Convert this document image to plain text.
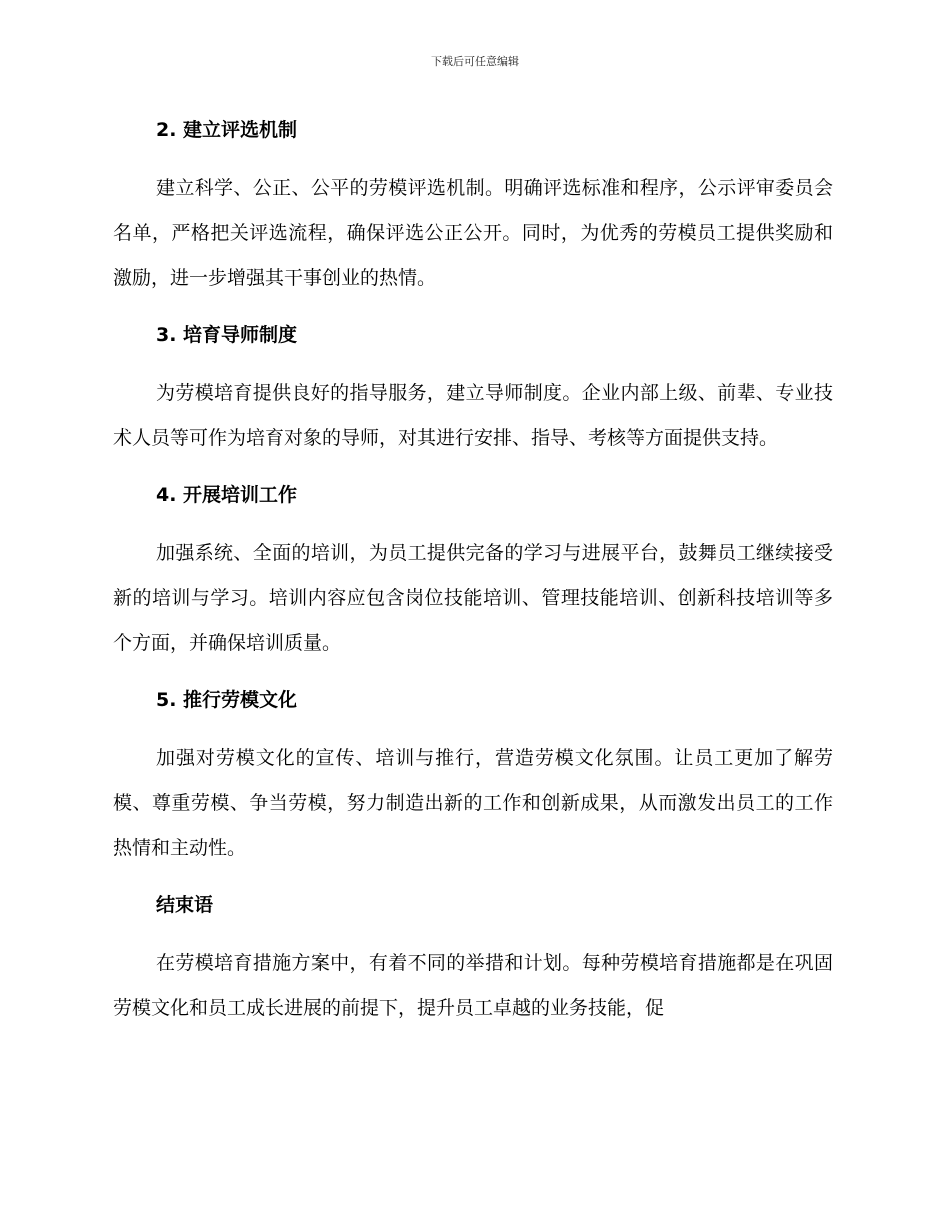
下载后可任意编辑
2. 建立评选机制

建立科学、公正、公平的劳模评选机制。明确评选标准和程序，公示评审委员会名单，严格把关评选流程，确保评选公正公开。同时，为优秀的劳模员工提供奖励和激励，进一步增强其干事创业的热情。

3. 培育导师制度

为劳模培育提供良好的指导服务，建立导师制度。企业内部上级、前辈、专业技术人员等可作为培育对象的导师，对其进行安排、指导、考核等方面提供支持。

4. 开展培训工作

加强系统、全面的培训，为员工提供完备的学习与进展平台，鼓舞员工继续接受新的培训与学习。培训内容应包含岗位技能培训、管理技能培训、创新科技培训等多个方面，并确保培训质量。

5. 推行劳模文化

加强对劳模文化的宣传、培训与推行，营造劳模文化氛围。让员工更加了解劳模、尊重劳模、争当劳模，努力制造出新的工作和创新成果，从而激发出员工的工作热情和主动性。

结束语

在劳模培育措施方案中，有着不同的举措和计划。每种劳模培育措施都是在巩固劳模文化和员工成长进展的前提下，提升员工卓越的业务技能，促
